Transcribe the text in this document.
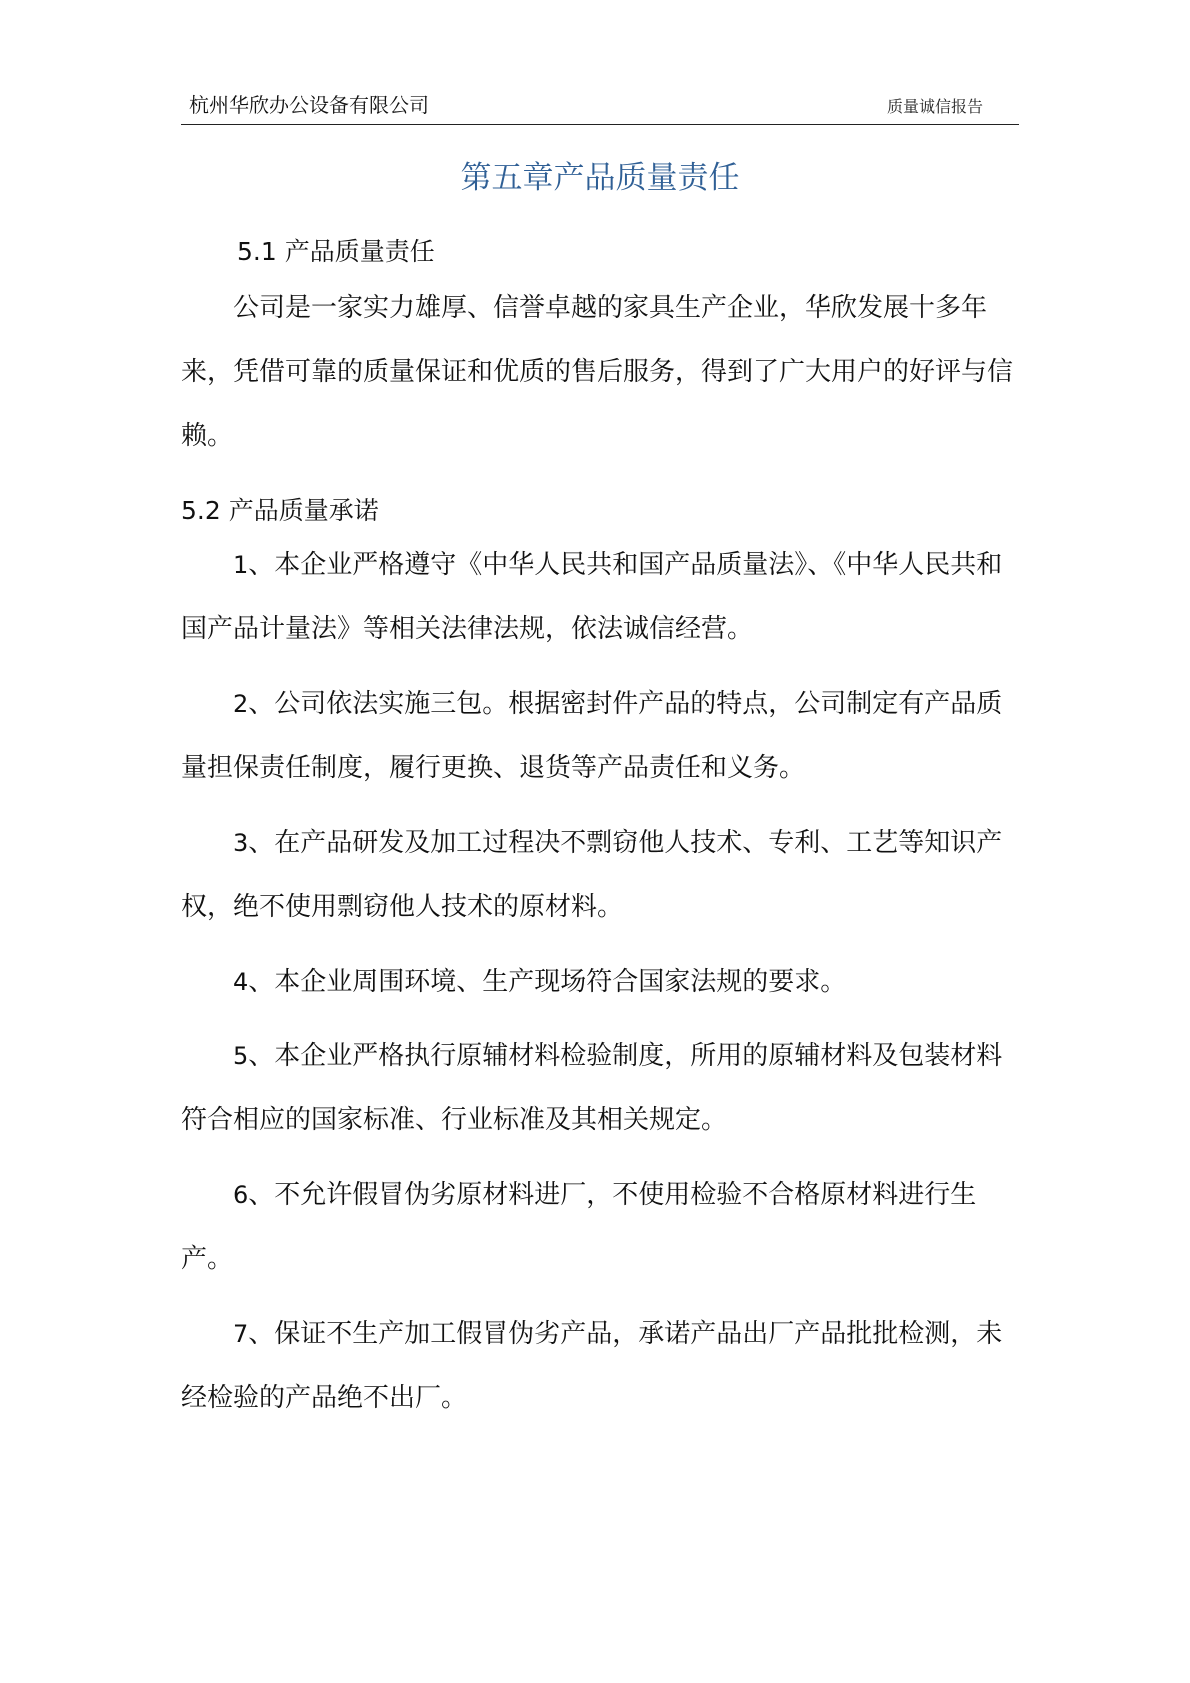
杭州华欣办公设备有限公司	质量诚信报告
第五章产品质量责任
5.1 产品质量责任

公司是一家实力雄厚、信誉卓越的家具生产企业，华欣发展十多年来，凭借可靠的质量保证和优质的售后服务，得到了广大用户的好评与信赖。

5.2 产品质量承诺

1、本企业严格遵守《中华人民共和国产品质量法》、《中华人民共和国产品计量法》等相关法律法规，依法诚信经营。

2、公司依法实施三包。根据密封件产品的特点，公司制定有产品质量担保责任制度，履行更换、退货等产品责任和义务。

3、在产品研发及加工过程决不剽窃他人技术、专利、工艺等知识产权，绝不使用剽窃他人技术的原材料。

4、本企业周围环境、生产现场符合国家法规的要求。

5、本企业严格执行原辅材料检验制度，所用的原辅材料及包装材料符合相应的国家标准、行业标准及其相关规定。

6、不允许假冒伪劣原材料进厂，不使用检验不合格原材料进行生产。

7、保证不生产加工假冒伪劣产品，承诺产品出厂产品批批检测，未经检验的产品绝不出厂。
